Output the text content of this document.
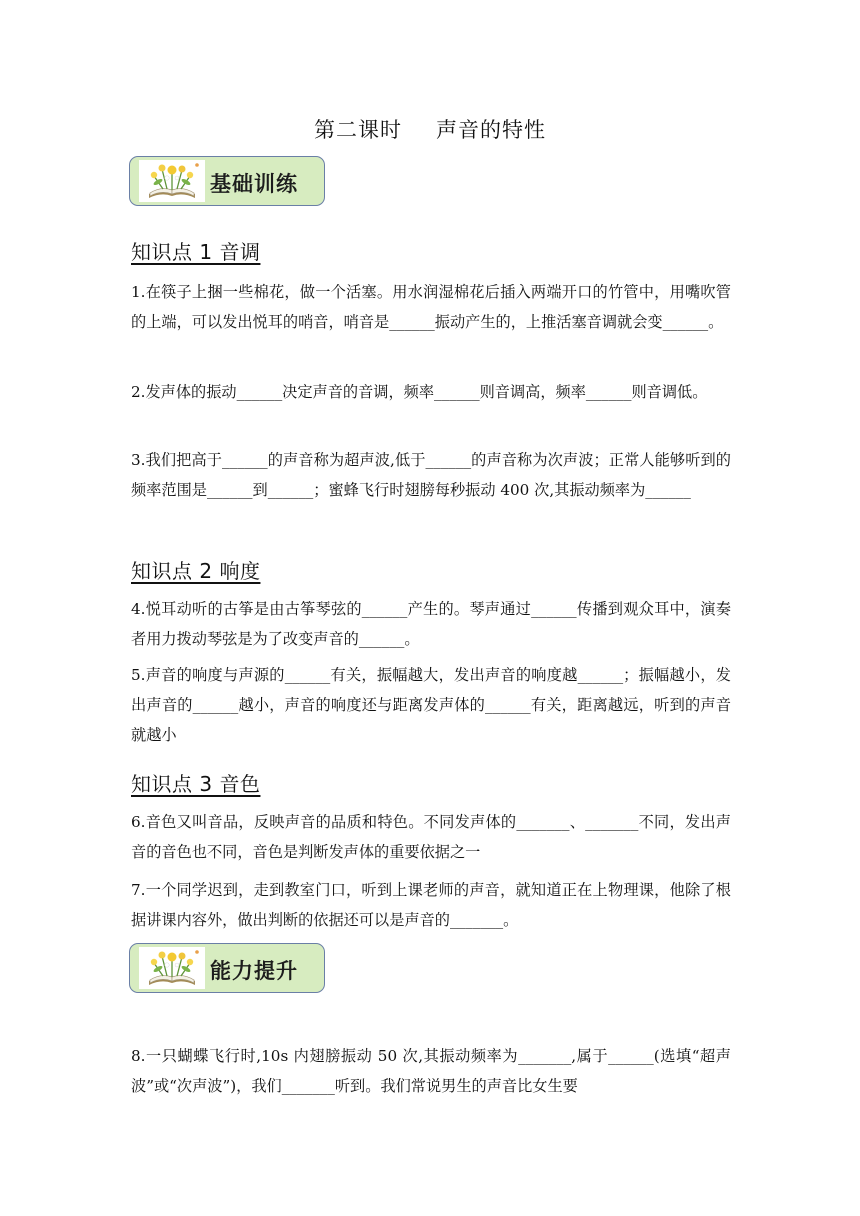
第二课时 声音的特性
基础训练
知识点 1 音调

1.在筷子上捆一些棉花，做一个活塞。用水润湿棉花后插入两端开口的竹管中，用嘴吹管的上端，可以发出悦耳的哨音，哨音是______振动产生的，上推活塞音调就会变______。

2.发声体的振动______决定声音的音调，频率______则音调高，频率______则音调低。

3.我们把高于______的声音称为超声波,低于______的声音称为次声波；正常人能够听到的频率范围是______到______；蜜蜂飞行时翅膀每秒振动 400 次,其振动频率为______

知识点 2 响度

4.悦耳动听的古筝是由古筝琴弦的______产生的。琴声通过______传播到观众耳中，演奏者用力拨动琴弦是为了改变声音的______。

5.声音的响度与声源的______有关，振幅越大，发出声音的响度越______；振幅越小，发出声音的______越小，声音的响度还与距离发声体的______有关，距离越远，听到的声音就越小

知识点 3 音色

6.音色又叫音品，反映声音的品质和特色。不同发声体的_______、_______不同，发出声音的音色也不同，音色是判断发声体的重要依据之一

7.一个同学迟到，走到教室门口，听到上课老师的声音，就知道正在上物理课，他除了根据讲课内容外，做出判断的依据还可以是声音的_______。

能力提升

8.一只蝴蝶飞行时,10s 内翅膀振动 50 次,其振动频率为_______,属于______(选填“超声波”或“次声波”)，我们_______听到。我们常说男生的声音比女生要
